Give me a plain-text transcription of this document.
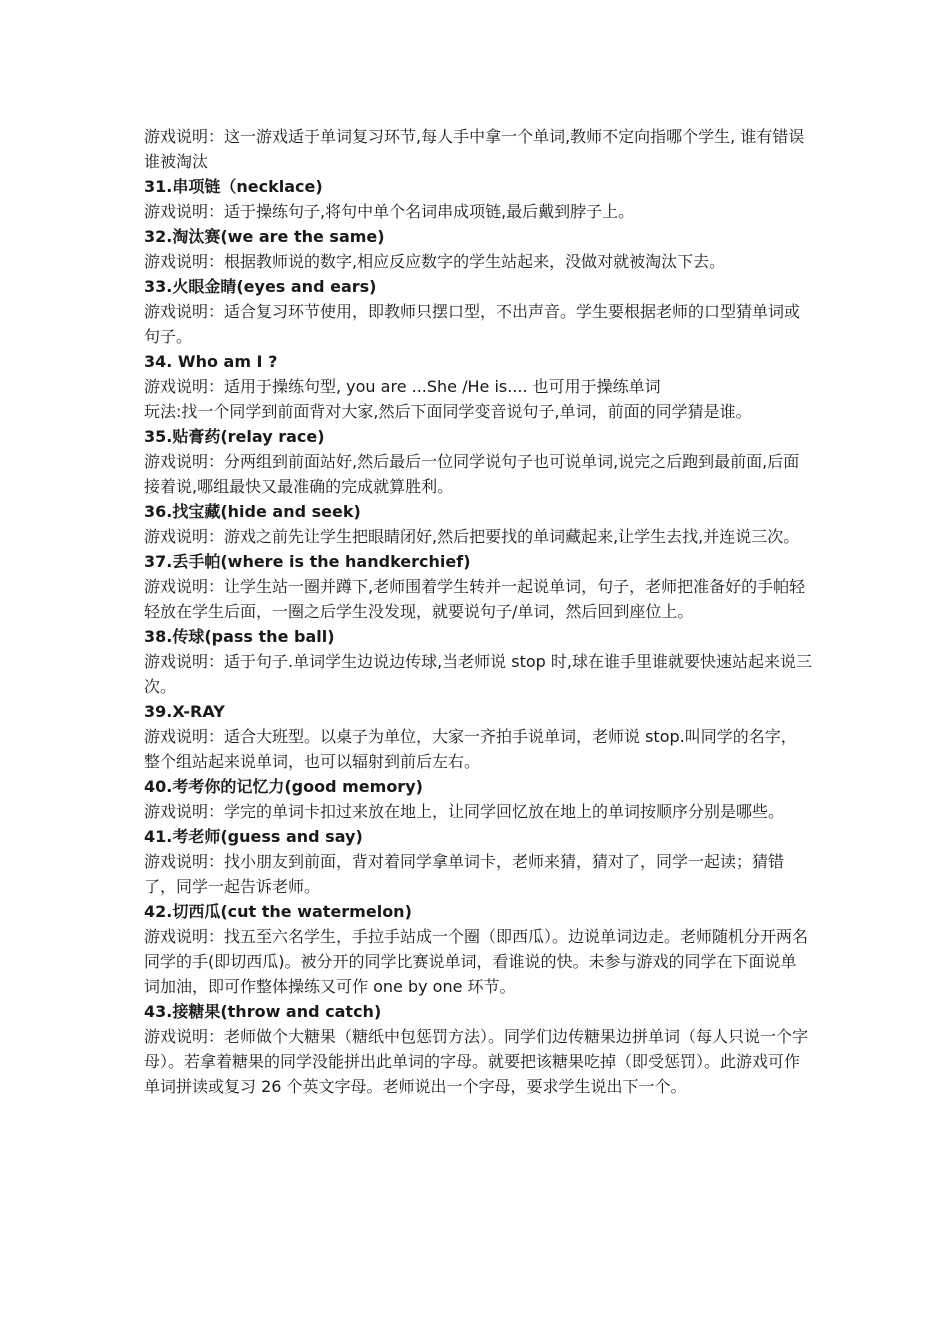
游戏说明：这一游戏适于单词复习环节,每人手中拿一个单词,教师不定向指哪个学生, 谁有错误谁被淘汰

31.串项链（necklace)

游戏说明：适于操练句子,将句中单个名词串成项链,最后戴到脖子上。

32.淘汰赛(we are the same)

游戏说明：根据教师说的数字,相应反应数字的学生站起来，没做对就被淘汰下去。

33.火眼金睛(eyes and ears)

游戏说明：适合复习环节使用，即教师只摆口型，不出声音。学生要根据老师的口型猜单词或句子。

34. Who am I ?

游戏说明：适用于操练句型, you are ...She /He is.... 也可用于操练单词

玩法:找一个同学到前面背对大家,然后下面同学变音说句子,单词，前面的同学猜是谁。

35.贴膏药(relay race)

游戏说明：分两组到前面站好,然后最后一位同学说句子也可说单词,说完之后跑到最前面,后面接着说,哪组最快又最准确的完成就算胜利。

36.找宝藏(hide and seek)

游戏说明：游戏之前先让学生把眼睛闭好,然后把要找的单词藏起来,让学生去找,并连说三次。

37.丢手帕(where is the handkerchief)

游戏说明：让学生站一圈并蹲下,老师围着学生转并一起说单词，句子，老师把准备好的手帕轻轻放在学生后面，一圈之后学生没发现，就要说句子/单词，然后回到座位上。

38.传球(pass the ball)

游戏说明：适于句子.单词学生边说边传球,当老师说 stop 时,球在谁手里谁就要快速站起来说三次。

39.X-RAY

游戏说明：适合大班型。以桌子为单位，大家一齐拍手说单词，老师说 stop.叫同学的名字，整个组站起来说单词，也可以辐射到前后左右。

40.考考你的记忆力(good memory)

游戏说明：学完的单词卡扣过来放在地上，让同学回忆放在地上的单词按顺序分别是哪些。

41.考老师(guess and say)

游戏说明：找小朋友到前面，背对着同学拿单词卡，老师来猜，猜对了，同学一起读；猜错了，同学一起告诉老师。

42.切西瓜(cut the watermelon)

游戏说明：找五至六名学生，手拉手站成一个圈（即西瓜）。边说单词边走。老师随机分开两名同学的手(即切西瓜)。被分开的同学比赛说单词，看谁说的快。未参与游戏的同学在下面说单词加油，即可作整体操练又可作 one by one 环节。

43.接糖果(throw and catch)

游戏说明：老师做个大糖果（糖纸中包惩罚方法）。同学们边传糖果边拼单词（每人只说一个字母）。若拿着糖果的同学没能拼出此单词的字母。就要把该糖果吃掉（即受惩罚）。此游戏可作单词拼读或复习 26 个英文字母。老师说出一个字母，要求学生说出下一个。
